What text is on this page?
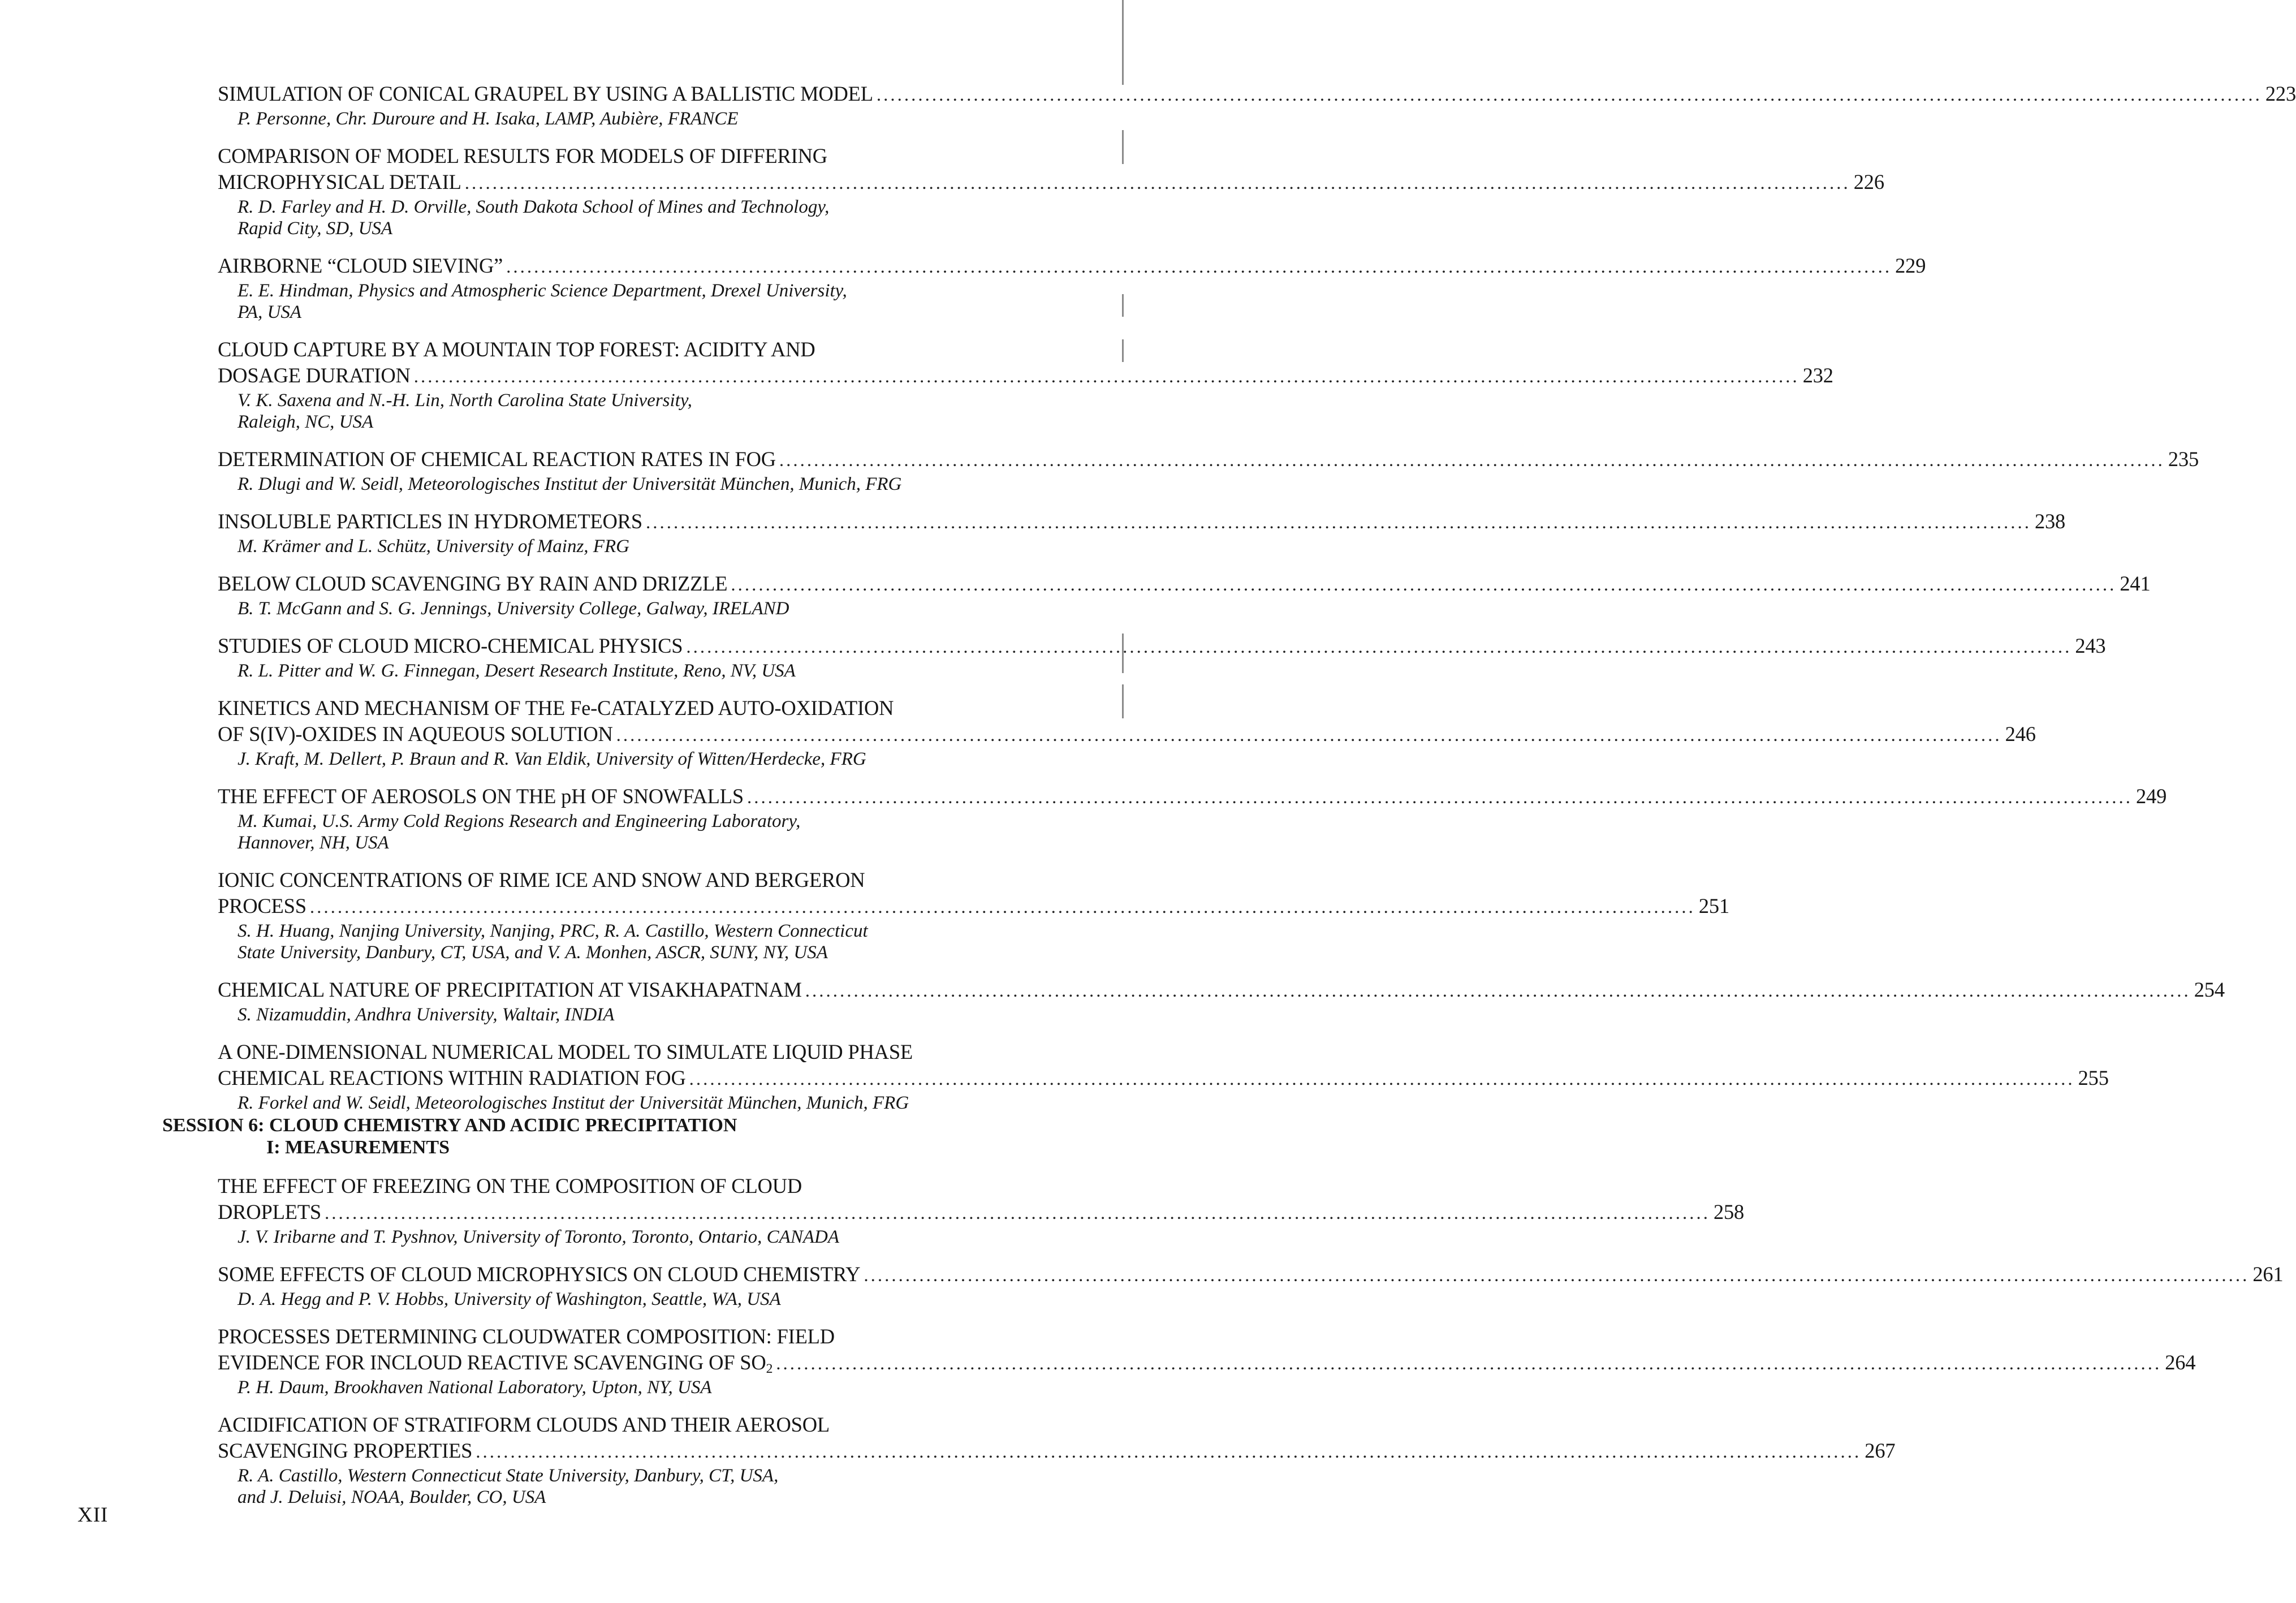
SIMULATION OF CONICAL GRAUPEL BY USING A BALLISTIC MODEL ........................................................................................................................................................................................................ 223
P. Personne, Chr. Duroure and H. Isaka, LAMP, Aubière, FRANCE
COMPARISON OF MODEL RESULTS FOR MODELS OF DIFFERING
MICROPHYSICAL DETAIL ........................................................................................................................................................................................................ 226
R. D. Farley and H. D. Orville, South Dakota School of Mines and Technology,
Rapid City, SD, USA
AIRBORNE “CLOUD SIEVING” ........................................................................................................................................................................................................ 229
E. E. Hindman, Physics and Atmospheric Science Department, Drexel University,
PA, USA
CLOUD CAPTURE BY A MOUNTAIN TOP FOREST: ACIDITY AND
DOSAGE DURATION ........................................................................................................................................................................................................ 232
V. K. Saxena and N.-H. Lin, North Carolina State University,
Raleigh, NC, USA
DETERMINATION OF CHEMICAL REACTION RATES IN FOG ........................................................................................................................................................................................................ 235
R. Dlugi and W. Seidl, Meteorologisches Institut der Universität München, Munich, FRG
INSOLUBLE PARTICLES IN HYDROMETEORS ........................................................................................................................................................................................................ 238
M. Krämer and L. Schütz, University of Mainz, FRG
BELOW CLOUD SCAVENGING BY RAIN AND DRIZZLE ........................................................................................................................................................................................................ 241
B. T. McGann and S. G. Jennings, University College, Galway, IRELAND
STUDIES OF CLOUD MICRO-CHEMICAL PHYSICS ........................................................................................................................................................................................................ 243
R. L. Pitter and W. G. Finnegan, Desert Research Institute, Reno, NV, USA
KINETICS AND MECHANISM OF THE Fe-CATALYZED AUTO-OXIDATION
OF S(IV)-OXIDES IN AQUEOUS SOLUTION ........................................................................................................................................................................................................ 246
J. Kraft, M. Dellert, P. Braun and R. Van Eldik, University of Witten/Herdecke, FRG
THE EFFECT OF AEROSOLS ON THE pH OF SNOWFALLS ........................................................................................................................................................................................................ 249
M. Kumai, U.S. Army Cold Regions Research and Engineering Laboratory,
Hannover, NH, USA
IONIC CONCENTRATIONS OF RIME ICE AND SNOW AND BERGERON
PROCESS ........................................................................................................................................................................................................ 251
S. H. Huang, Nanjing University, Nanjing, PRC, R. A. Castillo, Western Connecticut
State University, Danbury, CT, USA, and V. A. Monhen, ASCR, SUNY, NY, USA
CHEMICAL NATURE OF PRECIPITATION AT VISAKHAPATNAM ........................................................................................................................................................................................................ 254
S. Nizamuddin, Andhra University, Waltair, INDIA
A ONE-DIMENSIONAL NUMERICAL MODEL TO SIMULATE LIQUID PHASE
CHEMICAL REACTIONS WITHIN RADIATION FOG ........................................................................................................................................................................................................ 255
R. Forkel and W. Seidl, Meteorologisches Institut der Universität München, Munich, FRG
SESSION 6: CLOUD CHEMISTRY AND ACIDIC PRECIPITATION
I: MEASUREMENTS
THE EFFECT OF FREEZING ON THE COMPOSITION OF CLOUD
DROPLETS ........................................................................................................................................................................................................ 258
J. V. Iribarne and T. Pyshnov, University of Toronto, Toronto, Ontario, CANADA
SOME EFFECTS OF CLOUD MICROPHYSICS ON CLOUD CHEMISTRY ........................................................................................................................................................................................................ 261
D. A. Hegg and P. V. Hobbs, University of Washington, Seattle, WA, USA
PROCESSES DETERMINING CLOUDWATER COMPOSITION: FIELD
EVIDENCE FOR INCLOUD REACTIVE SCAVENGING OF $SO_2$ ........................................................................................................................................................................................................ 264
P. H. Daum, Brookhaven National Laboratory, Upton, NY, USA
ACIDIFICATION OF STRATIFORM CLOUDS AND THEIR AEROSOL
SCAVENGING PROPERTIES ........................................................................................................................................................................................................ 267
R. A. Castillo, Western Connecticut State University, Danbury, CT, USA,
and J. Deluisi, NOAA, Boulder, CO, USA
XII
